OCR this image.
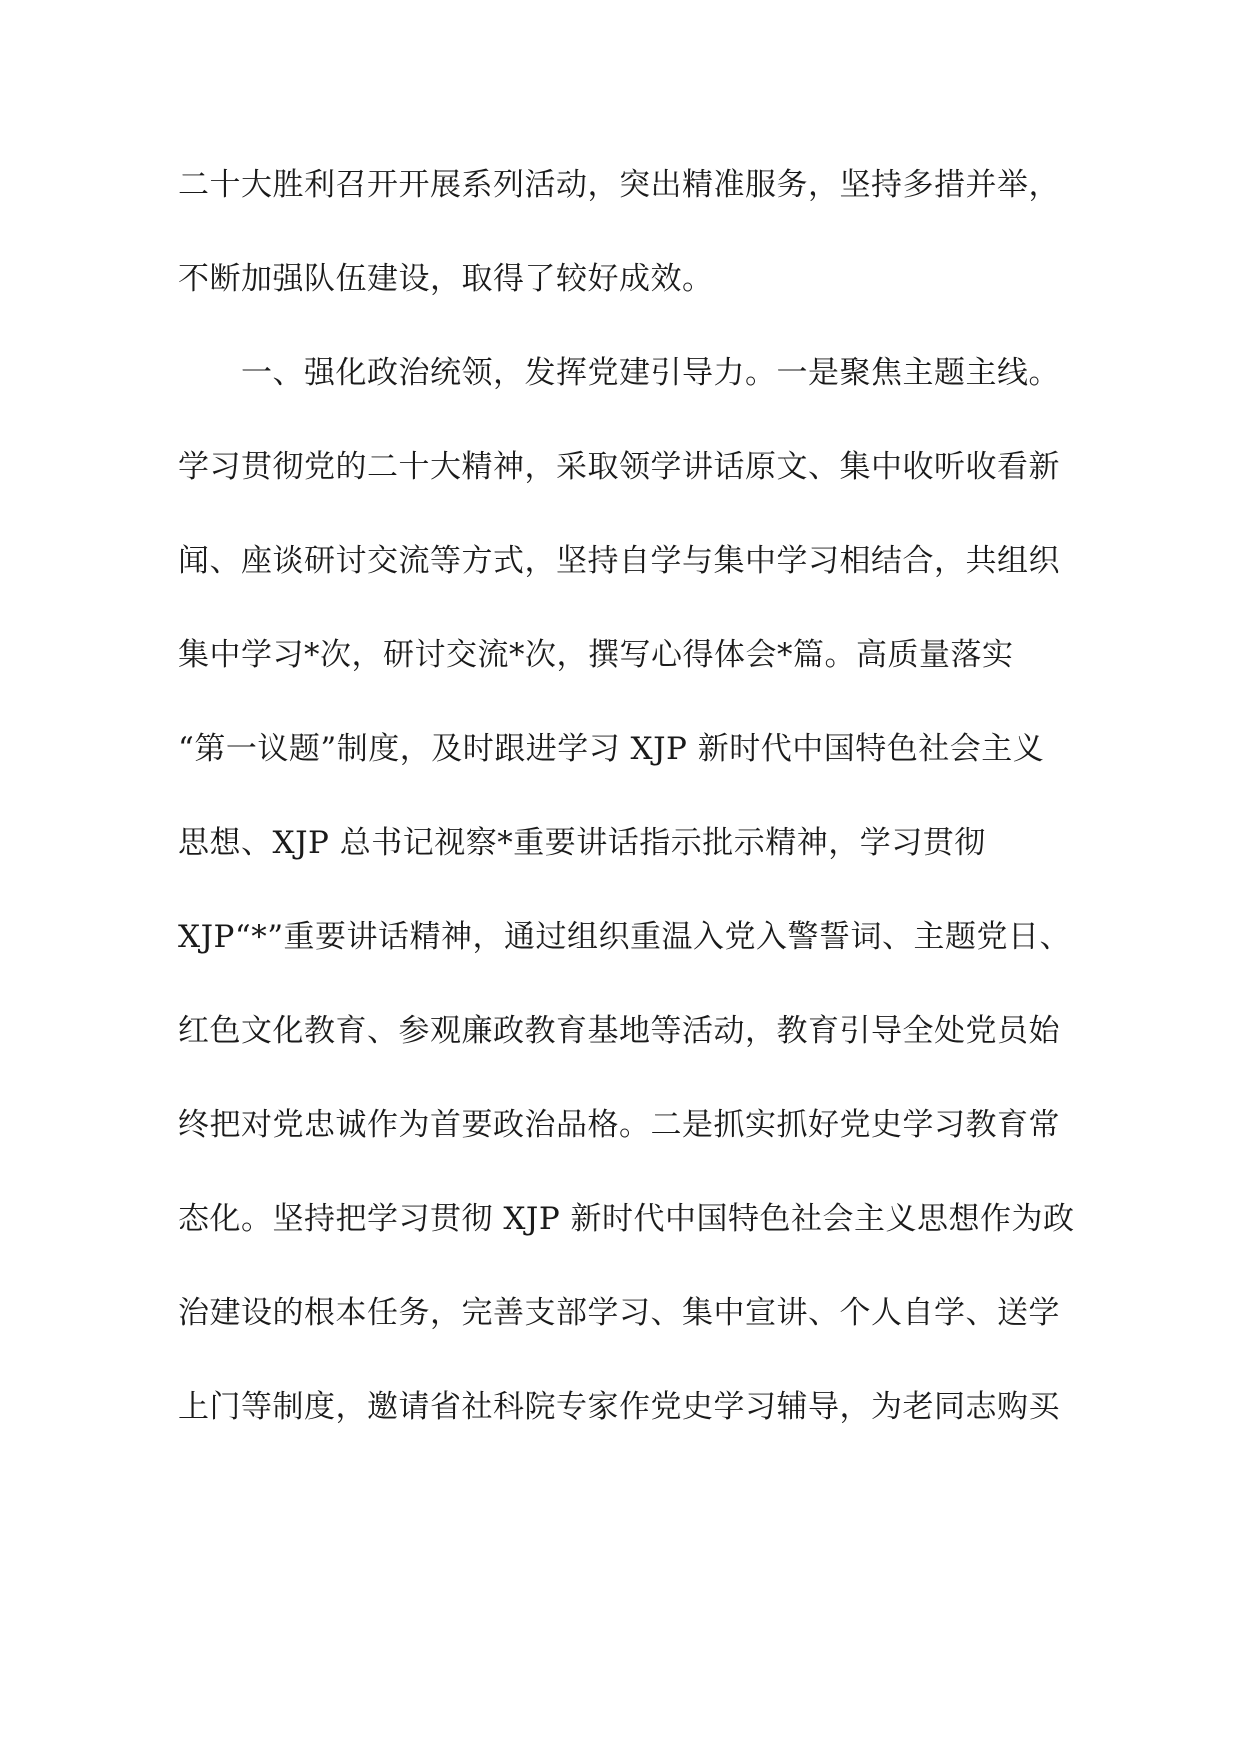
二十大胜利召开开展系列活动，突出精准服务，坚持多措并举，
不断加强队伍建设，取得了较好成效。
　　一、强化政治统领，发挥党建引导力。一是聚焦主题主线。
学习贯彻党的二十大精神，采取领学讲话原文、集中收听收看新
闻、座谈研讨交流等方式，坚持自学与集中学习相结合，共组织
集中学习*次，研讨交流*次，撰写心得体会*篇。高质量落实
“第一议题”制度，及时跟进学习 XJP 新时代中国特色社会主义
思想、XJP 总书记视察*重要讲话指示批示精神，学习贯彻
XJP“*”重要讲话精神，通过组织重温入党入警誓词、主题党日、
红色文化教育、参观廉政教育基地等活动，教育引导全处党员始
终把对党忠诚作为首要政治品格。二是抓实抓好党史学习教育常
态化。坚持把学习贯彻 XJP 新时代中国特色社会主义思想作为政
治建设的根本任务，完善支部学习、集中宣讲、个人自学、送学
上门等制度，邀请省社科院专家作党史学习辅导，为老同志购买
